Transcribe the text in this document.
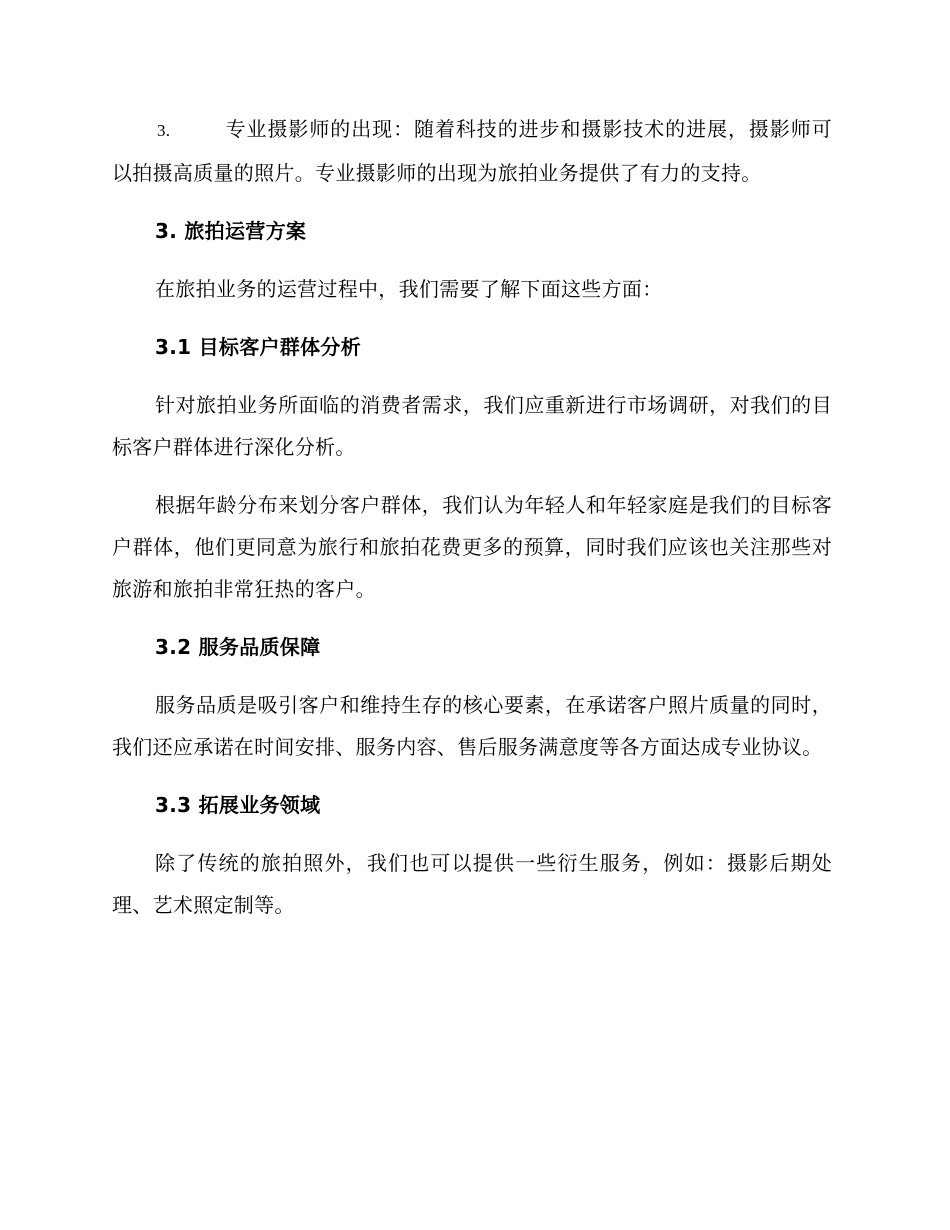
3.	专业摄影师的出现：随着科技的进步和摄影技术的进展，摄影师可以拍摄高质量的照片。专业摄影师的出现为旅拍业务提供了有力的支持。

3. 旅拍运营方案

在旅拍业务的运营过程中，我们需要了解下面这些方面：

3.1 目标客户群体分析

针对旅拍业务所面临的消费者需求，我们应重新进行市场调研，对我们的目标客户群体进行深化分析。

根据年龄分布来划分客户群体，我们认为年轻人和年轻家庭是我们的目标客户群体，他们更同意为旅行和旅拍花费更多的预算，同时我们应该也关注那些对旅游和旅拍非常狂热的客户。

3.2 服务品质保障

服务品质是吸引客户和维持生存的核心要素，在承诺客户照片质量的同时，我们还应承诺在时间安排、服务内容、售后服务满意度等各方面达成专业协议。

3.3 拓展业务领域

除了传统的旅拍照外，我们也可以提供一些衍生服务，例如：摄影后期处理、艺术照定制等。
